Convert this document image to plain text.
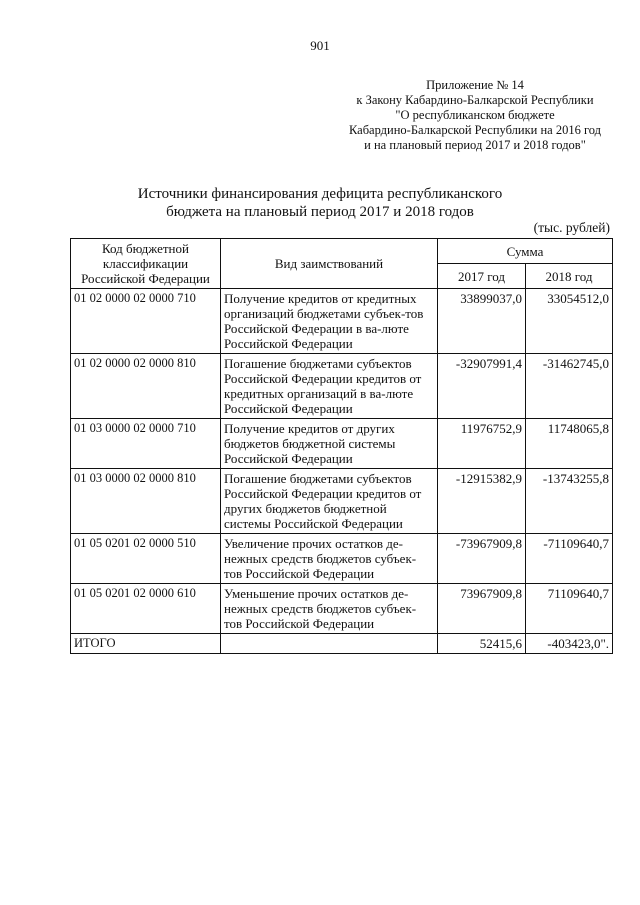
901
Приложение № 14
к Закону Кабардино-Балкарской Республики
"О республиканском бюджете
Кабардино-Балкарской Республики на 2016 год
и на плановый период 2017 и 2018 годов"
Источники финансирования дефицита республиканского
бюджета на плановый период 2017 и 2018 годов
(тыс. рублей)
Код бюджетной классификации Российской Федерации	Вид заимствований	Сумма	
		2017 год	2018 год
01 02 0000 02 0000 710	Получение кредитов от кредитных организаций бюджетами субъек-тов Российской Федерации в ва-люте Российской Федерации	33899037,0	33054512,0
01 02 0000 02 0000 810	Погашение бюджетами субъектов Российской Федерации кредитов от кредитных организаций в ва-люте Российской Федерации	-32907991,4	-31462745,0
01 03 0000 02 0000 710	Получение кредитов от других бюджетов бюджетной системы Российской Федерации	11976752,9	11748065,8
01 03 0000 02 0000 810	Погашение бюджетами субъектов Российской Федерации кредитов от других бюджетов бюджетной системы Российской Федерации	-12915382,9	-13743255,8
01 05 0201 02 0000 510	Увеличение прочих остатков де-нежных средств бюджетов субъек-тов Российской Федерации	-73967909,8	-71109640,7
01 05 0201 02 0000 610	Уменьшение прочих остатков де-нежных средств бюджетов субъек-тов Российской Федерации	73967909,8	71109640,7
ИТОГО		52415,6	-403423,0".
